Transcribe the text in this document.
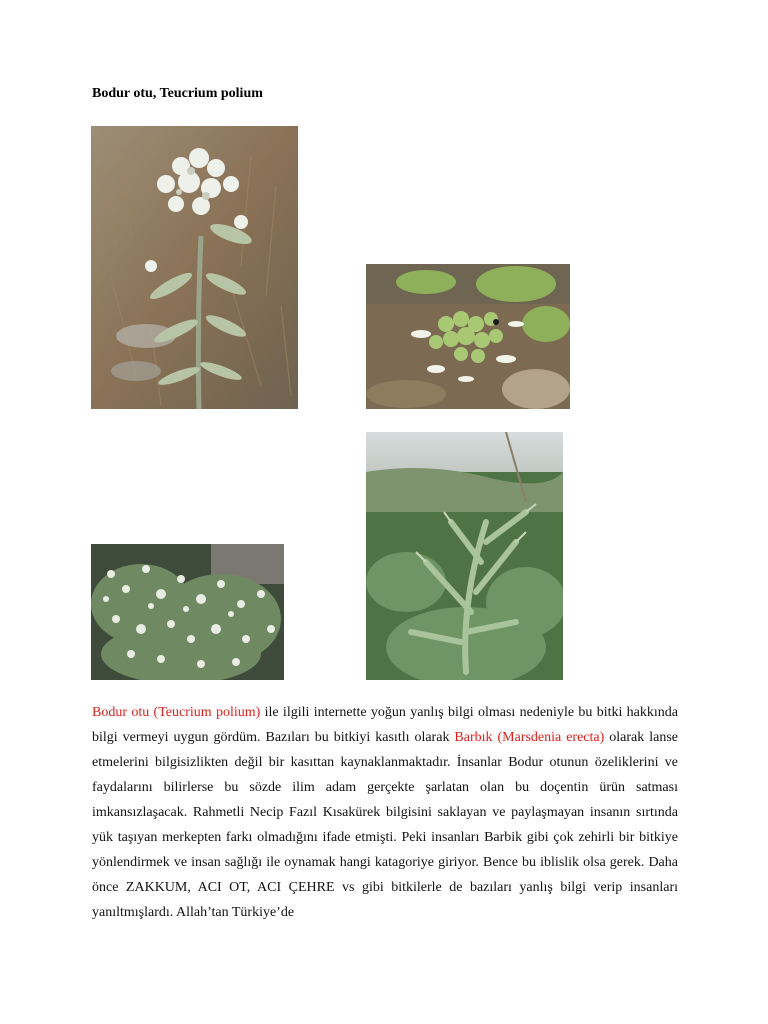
Bodur otu, Teucrium polium

Bodur otu (Teucrium polium) ile ilgili internette yoğun yanlış bilgi olması nedeniyle bu bitki hakkında bilgi vermeyi uygun gördüm. Bazıları bu bitkiyi kasıtlı olarak Barbık (Marsdenia erecta) olarak lanse etmelerini bilgisizlikten değil bir kasıttan kaynaklanmaktadır. İnsanlar Bodur otunun özeliklerini ve faydalarını bilirlerse bu sözde ilim adam gerçekte şarlatan olan bu doçentin ürün satması imkansızlaşacak. Rahmetli Necip Fazıl Kısakürek bilgisini saklayan ve paylaşmayan insanın sırtında yük taşıyan merkepten farkı olmadığını ifade etmişti. Peki insanları Barbik gibi çok zehirli bir bitkiye yönlendirmek ve insan sağlığı ile oynamak hangi katagoriye giriyor. Bence bu iblislik olsa gerek. Daha önce ZAKKUM, ACI OT, ACI ÇEHRE vs gibi bitkilerle de bazıları yanlış bilgi verip insanları yanıltmışlardı. Allah’tan Türkiye’de
